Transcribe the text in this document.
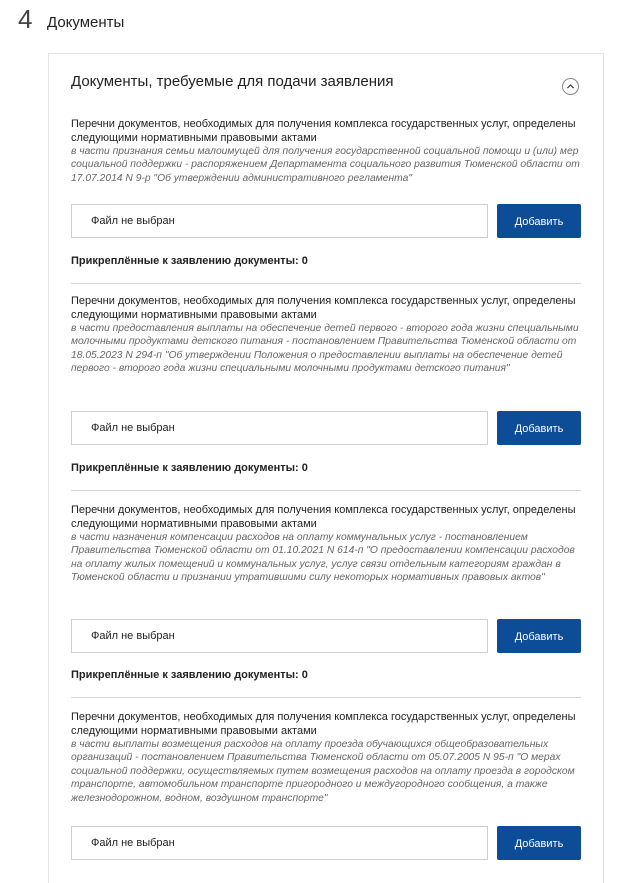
4 Документы
Документы, требуемые для подачи заявления
Перечни документов, необходимых для получения комплекса государственных услуг, определены следующими нормативными правовыми актами
в части признания семьи малоимущей для получения государственной социальной помощи и (или) мер социальной поддержки - распоряжением Департамента социального развития Тюменской области от 17.07.2014 N 9-р "Об утверждении административного регламента"
Файл не выбран	Добавить
Прикреплённые к заявлению документы: 0
Перечни документов, необходимых для получения комплекса государственных услуг, определены следующими нормативными правовыми актами
в части предоставления выплаты на обеспечение детей первого - второго года жизни специальными молочными продуктами детского питания - постановлением Правительства Тюменской области от 18.05.2023 N 294-п "Об утверждении Положения о предоставлении выплаты на обеспечение детей первого - второго года жизни специальными молочными продуктами детского питания"
Файл не выбран	Добавить
Прикреплённые к заявлению документы: 0
Перечни документов, необходимых для получения комплекса государственных услуг, определены следующими нормативными правовыми актами
в части назначения компенсации расходов на оплату коммунальных услуг - постановлением Правительства Тюменской области от 01.10.2021 N 614-п "О предоставлении компенсации расходов на оплату жилых помещений и коммунальных услуг, услуг связи отдельным категориям граждан в Тюменской области и признании утратившими силу некоторых нормативных правовых актов"
Файл не выбран	Добавить
Прикреплённые к заявлению документы: 0
Перечни документов, необходимых для получения комплекса государственных услуг, определены следующими нормативными правовыми актами
в части выплаты возмещения расходов на оплату проезда обучающихся общеобразовательных организаций - постановлением Правительства Тюменской области от 05.07.2005 N 95-п "О мерах социальной поддержки, осуществляемых путем возмещения расходов на оплату проезда в городском транспорте, автомобильном транспорте пригородного и междугородного сообщения, а также железнодорожном, водном, воздушном транспорте"
Файл не выбран	Добавить
